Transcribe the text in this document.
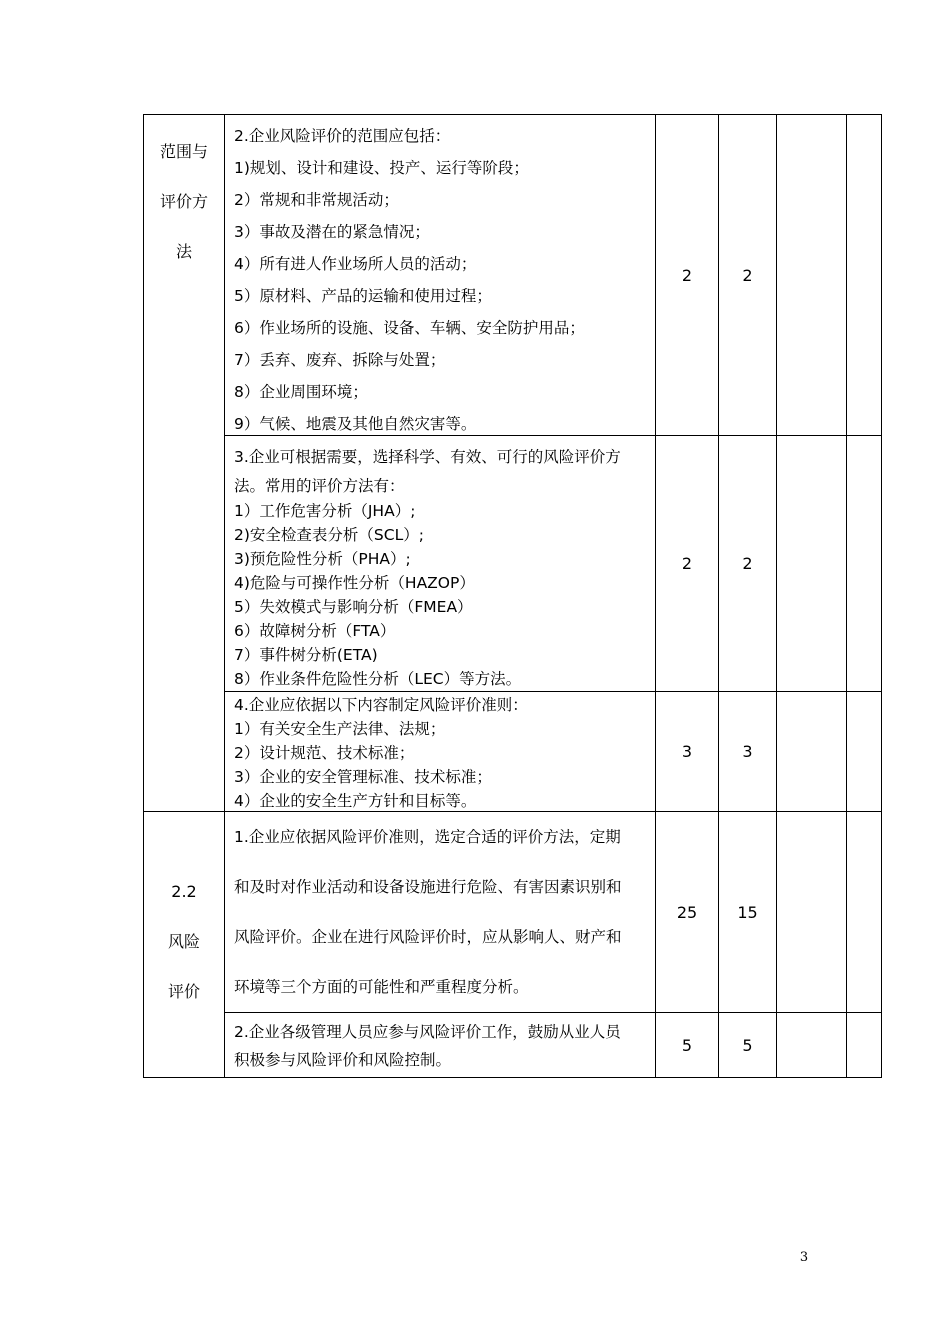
范围与
评价方
法
2.企业风险评价的范围应包括：
1)规划、设计和建设、投产、运行等阶段；
2）常规和非常规活动；
3）事故及潜在的紧急情况；
4）所有进人作业场所人员的活动；
5）原材料、产品的运输和使用过程；
6）作业场所的设施、设备、车辆、安全防护用品；
7）丢弃、废弃、拆除与处置；
8）企业周围环境；
9）气候、地震及其他自然灾害等。
2	2
3.企业可根据需要，选择科学、有效、可行的风险评价方
法。常用的评价方法有：
1）工作危害分析（JHA）;
2)安全检查表分析（SCL）;
3)预危险性分析（PHA）;
4)危险与可操作性分析（HAZOP）
5）失效模式与影响分析（FMEA）
6）故障树分析（FTA）
7）事件树分析(ETA)
8）作业条件危险性分析（LEC）等方法。
2	2
4.企业应依据以下内容制定风险评价准则：
1）有关安全生产法律、法规；
2）设计规范、技术标准；
3）企业的安全管理标准、技术标准；
4）企业的安全生产方针和目标等。
3	3
2.2
风险
评价
1.企业应依据风险评价准则，选定合适的评价方法，定期
和及时对作业活动和设备设施进行危险、有害因素识别和
风险评价。企业在进行风险评价时，应从影响人、财产和
环境等三个方面的可能性和严重程度分析。
25	15
2.企业各级管理人员应参与风险评价工作，鼓励从业人员
积极参与风险评价和风险控制。
5	5
3
